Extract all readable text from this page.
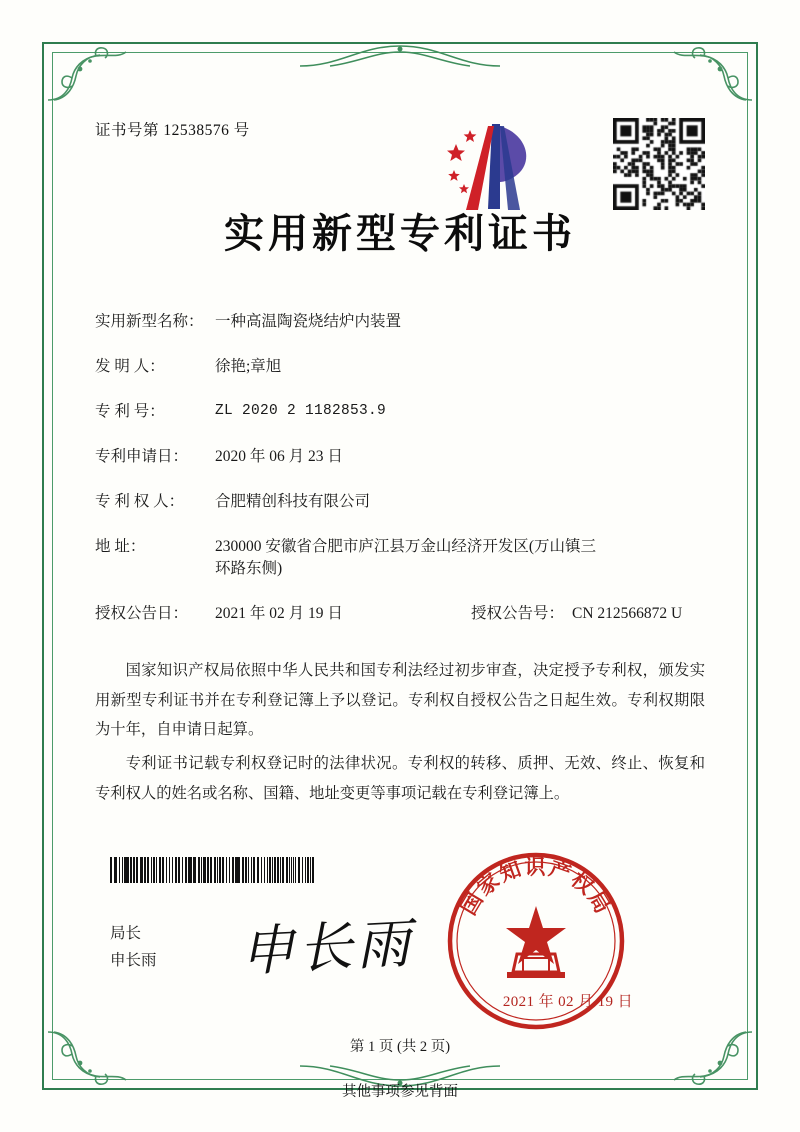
证书号第 12538576 号
实用新型专利证书
实用新型名称： 一种高温陶瓷烧结炉内装置
发 明 人：	徐艳;章旭
专 利 号：	ZL 2020 2 1182853.9
专利申请日：	2020 年 06 月 23 日
专 利 权 人：	合肥精创科技有限公司
地 址：	230000 安徽省合肥市庐江县万金山经济开发区(万山镇三
环路东侧)
授权公告日：	2021 年 02 月 19 日	授权公告号： CN 212566872 U

国家知识产权局依照中华人民共和国专利法经过初步审查，决定授予专利权，颁发实用新型专利证书并在专利登记簿上予以登记。专利权自授权公告之日起生效。专利权期限为十年，自申请日起算。

专利证书记载专利权登记时的法律状况。专利权的转移、质押、无效、终止、恢复和专利权人的姓名或名称、国籍、地址变更等事项记载在专利登记簿上。

局长
申长雨 申长雨
国家知识产权局
2021 年 02 月 19 日
第 1 页 (共 2 页)
其他事项参见背面
